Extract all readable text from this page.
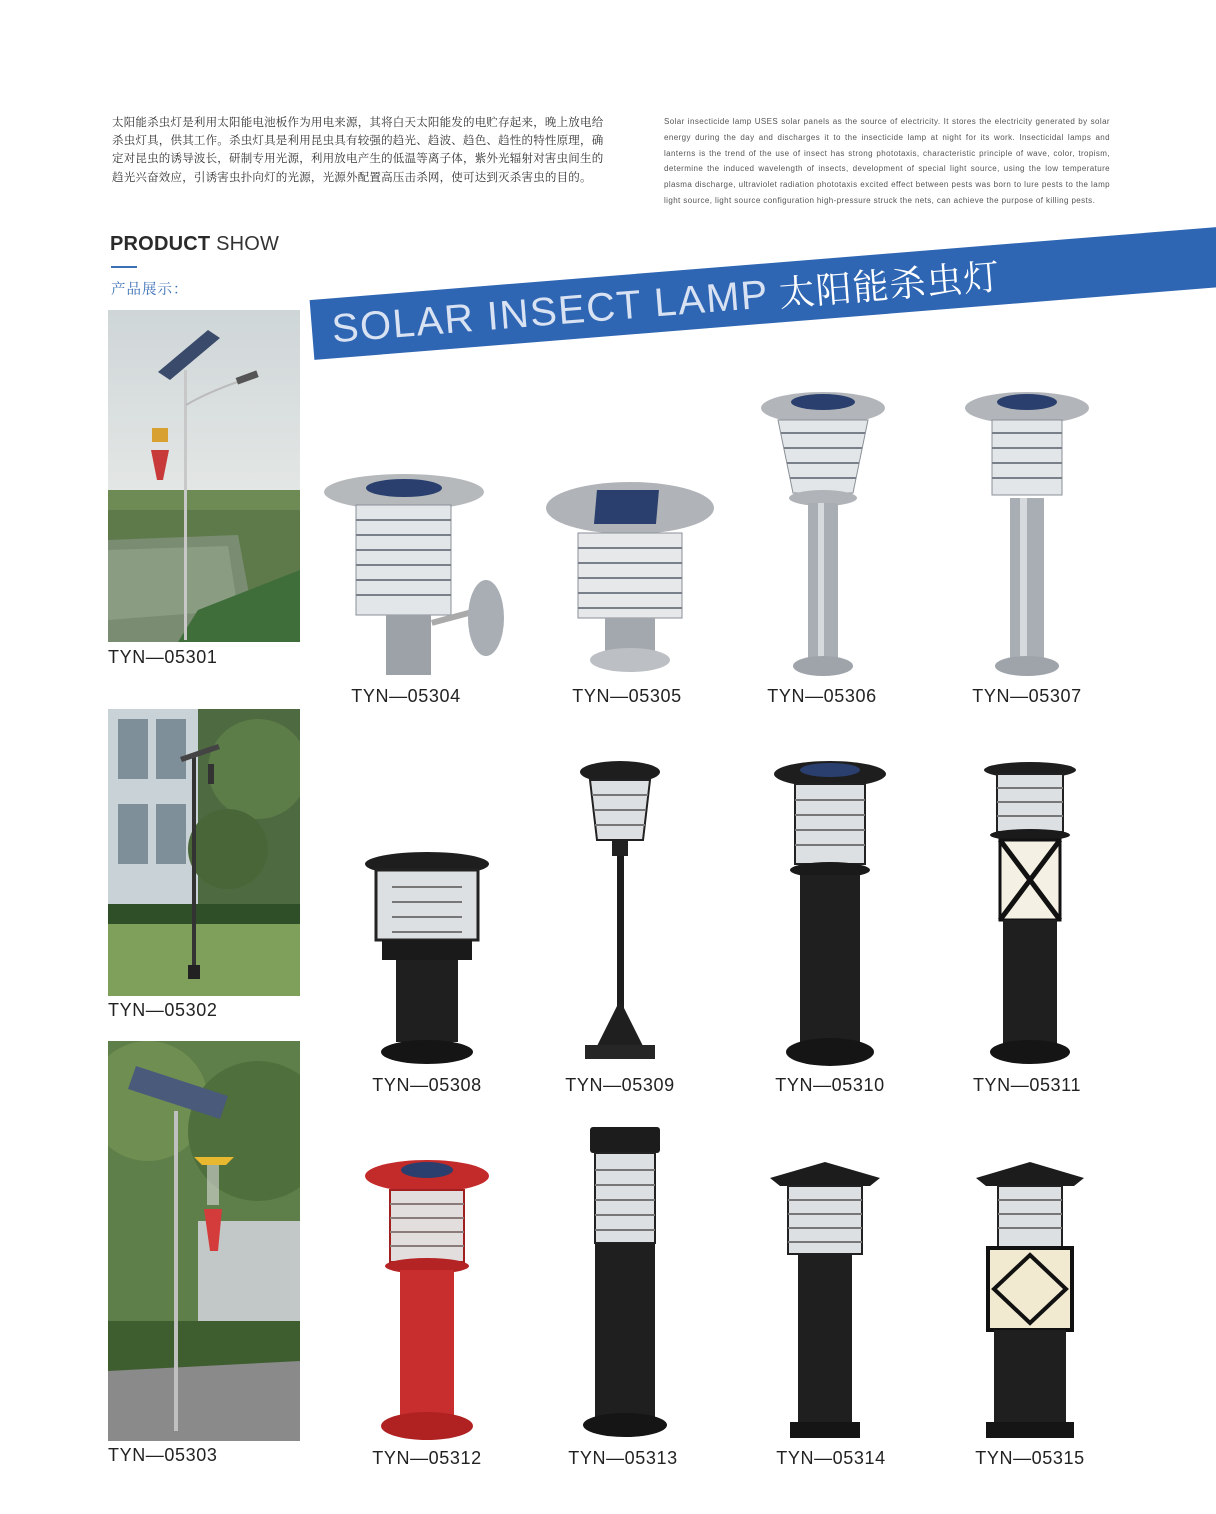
太阳能杀虫灯是利用太阳能电池板作为用电来源，其将白天太阳能发的电贮存起来，晚上放电给杀虫灯具，供其工作。杀虫灯具是利用昆虫具有较强的趋光、趋波、趋色、趋性的特性原理，确定对昆虫的诱导波长，研制专用光源，利用放电产生的低温等离子体，紫外光辐射对害虫间生的趋光兴奋效应，引诱害虫扑向灯的光源，光源外配置高压击杀网，使可达到灭杀害虫的目的。
Solar insecticide lamp USES solar panels as the source of electricity. It stores the electricity generated by solar energy during the day and discharges it to the insecticide lamp at night for its work. Insecticidal lamps and lanterns is the trend of the use of insect has strong phototaxis, characteristic principle of wave, color, tropism, determine the induced wavelength of insects, development of special light source, using the low temperature plasma discharge, ultraviolet radiation phototaxis excited effect between pests was born to lure pests to the lamp light source, light source configuration high-pressure struck the nets, can achieve the purpose of killing pests.
PRODUCT SHOW
产品展示：	SOLAR INSECT LAMP 太阳能杀虫灯
TYN—05301
TYN—05302
TYN—05303
TYN—05304	TYN—05305	TYN—05306	TYN—05307
TYN—05308	TYN—05309	TYN—05310	TYN—05311
TYN—05312	TYN—05313	TYN—05314	TYN—05315
